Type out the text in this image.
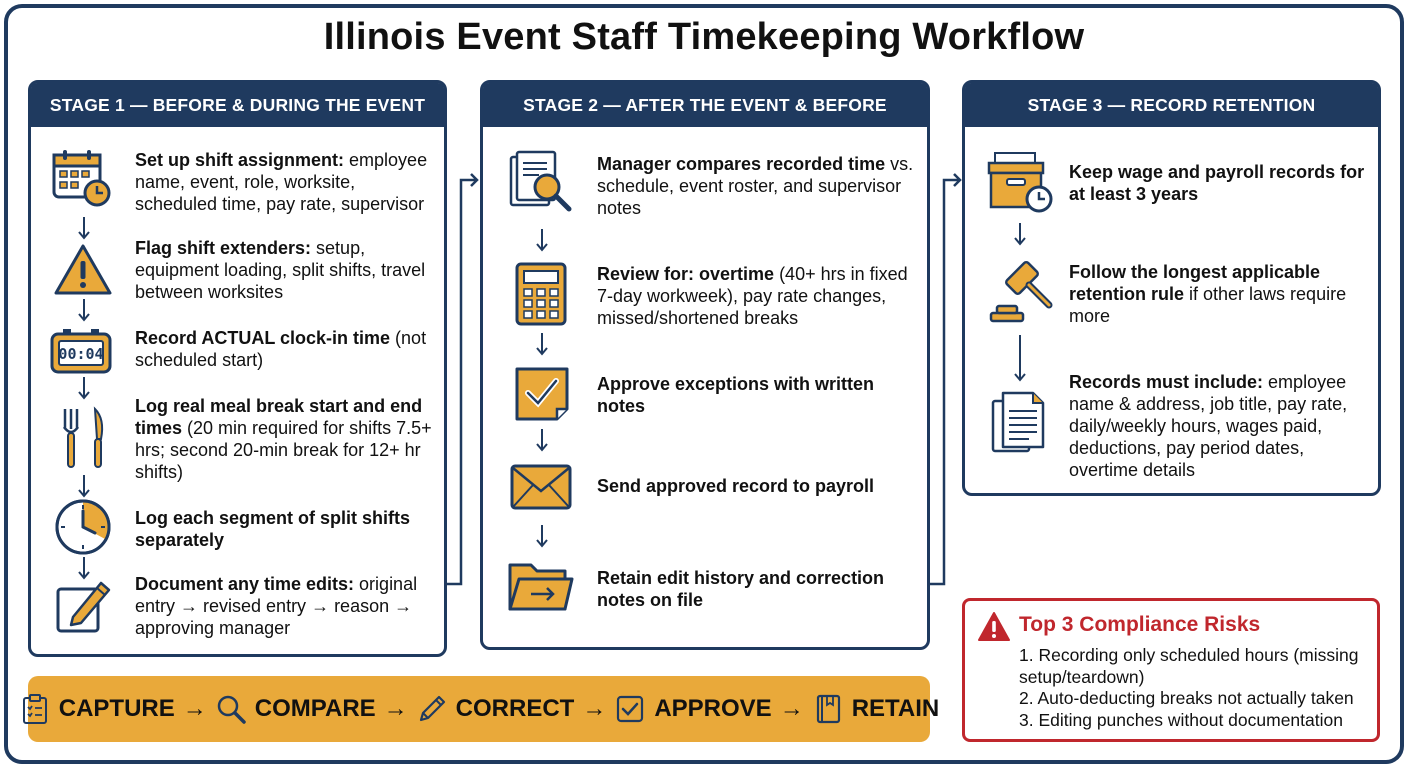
Illinois Event Staff Timekeeping Workflow
STAGE 1 — BEFORE & DURING THE EVENT
Set up shift assignment: employee name, event, role, worksite, scheduled time, pay rate, supervisor
Flag shift extenders: setup, equipment loading, split shifts, travel between worksites
00:04
Record ACTUAL clock-in time (not scheduled start)
Log real meal break start and end times (20 min required for shifts 7.5+ hrs; second 20-min break for 12+ hr shifts)
Log each segment of split shifts separately
Document any time edits: original entry → revised entry → reason → approving manager
STAGE 2 — AFTER THE EVENT & BEFORE PAYROLL
Manager compares recorded time vs. schedule, event roster, and supervisor notes
Review for: overtime (40+ hrs in fixed 7-day workweek), pay rate changes, missed/shortened breaks
Approve exceptions with written notes
Send approved record to payroll
Retain edit history and correction notes on file
STAGE 3 — RECORD RETENTION
Keep wage and payroll records for at least 3 years
Follow the longest applicable retention rule if other laws require more
Records must include: employee name & address, job title, pay rate, daily/weekly hours, wages paid, deductions, pay period dates, overtime details
CAPTURE → COMPARE → CORRECT → APPROVE → RETAIN
Top 3 Compliance Risks
1. Recording only scheduled hours (missing setup/teardown)
2. Auto-deducting breaks not actually taken
3. Editing punches without documentation
